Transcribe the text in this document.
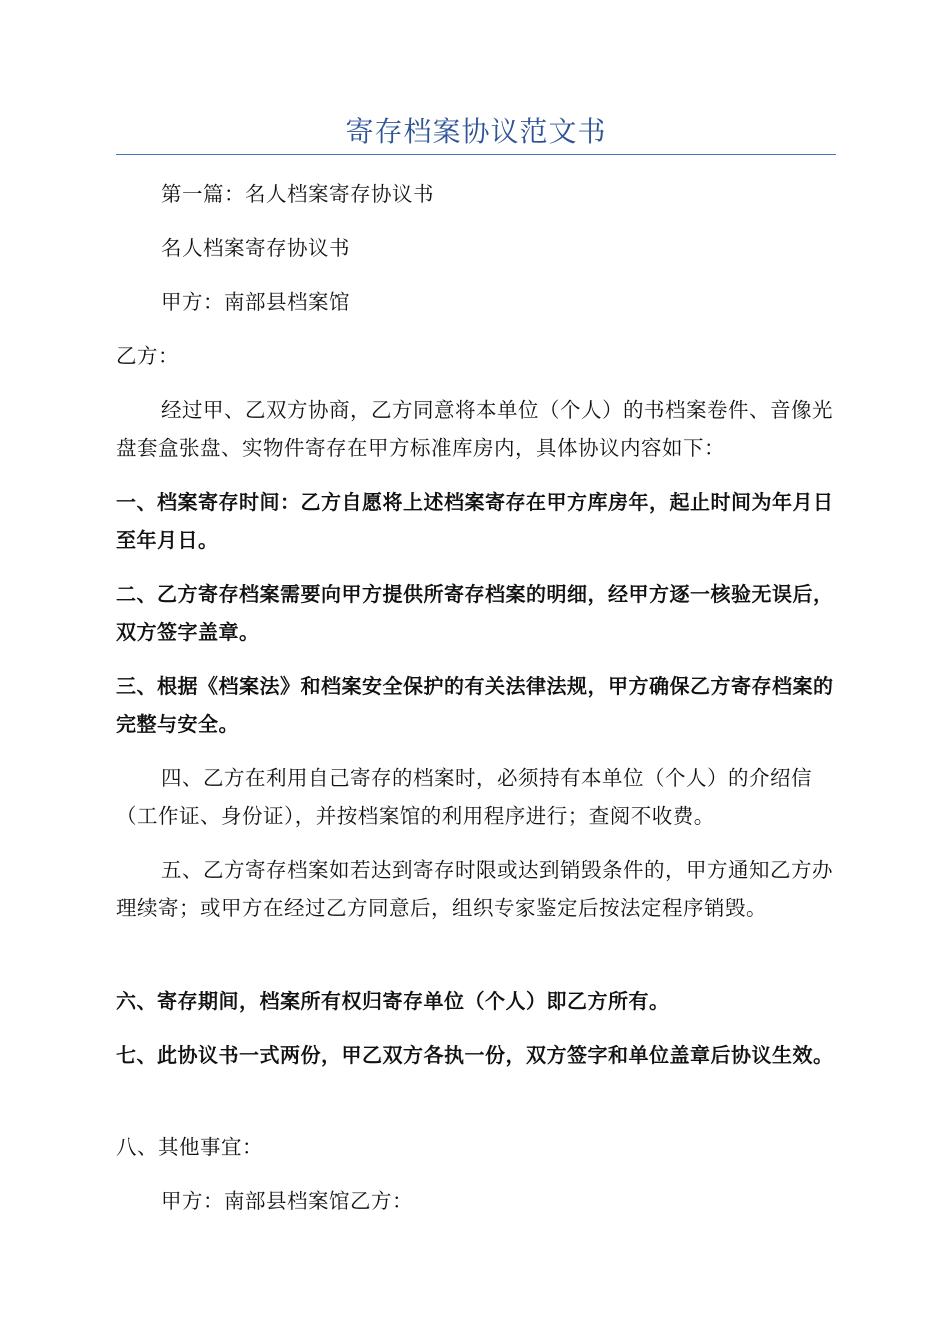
寄存档案协议范文书

第一篇：名人档案寄存协议书

名人档案寄存协议书

甲方：南部县档案馆

乙方：

经过甲、乙双方协商，乙方同意将本单位（个人）的书档案卷件、音像光盘套盒张盘、实物件寄存在甲方标准库房内，具体协议内容如下：

一、档案寄存时间：乙方自愿将上述档案寄存在甲方库房年，起止时间为年月日至年月日。

二、乙方寄存档案需要向甲方提供所寄存档案的明细，经甲方逐一核验无误后，双方签字盖章。

三、根据《档案法》和档案安全保护的有关法律法规，甲方确保乙方寄存档案的完整与安全。

四、乙方在利用自己寄存的档案时，必须持有本单位（个人）的介绍信（工作证、身份证），并按档案馆的利用程序进行；查阅不收费。

五、乙方寄存档案如若达到寄存时限或达到销毁条件的，甲方通知乙方办理续寄；或甲方在经过乙方同意后，组织专家鉴定后按法定程序销毁。

六、寄存期间，档案所有权归寄存单位（个人）即乙方所有。

七、此协议书一式两份，甲乙双方各执一份，双方签字和单位盖章后协议生效。

八、其他事宜：

甲方：南部县档案馆乙方：
